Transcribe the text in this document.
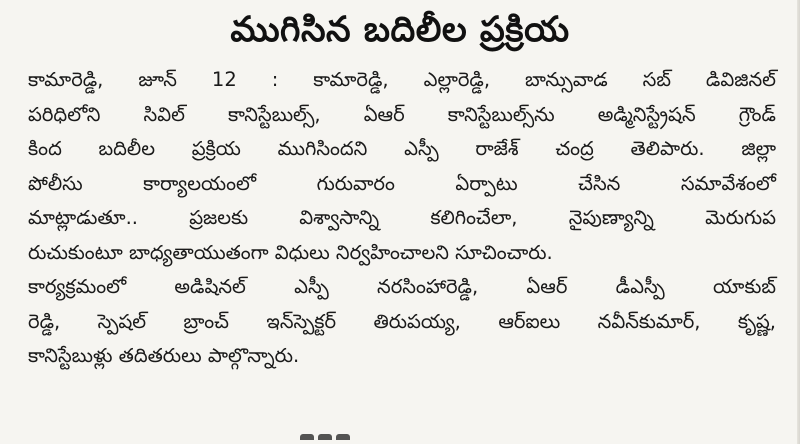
ముగిసిన బదిలీల ప్రక్రియ
కామారెడ్డి, జూన్ 12 : కామారెడ్డి, ఎల్లారెడ్డి, బాన్సువాడ సబ్ డివిజినల్
పరిధిలోని సివిల్ కానిస్టేబుల్స్, ఏఆర్ కానిస్టేబుల్స్‌ను అడ్మినిస్ట్రేషన్ గ్రౌండ్
కింద బదిలీల ప్రక్రియ ముగిసిందని ఎస్పీ రాజేశ్ చంద్ర తెలిపారు. జిల్లా
పోలీసు కార్యాలయంలో గురువారం ఏర్పాటు చేసిన సమావేశంలో
మాట్లాడుతూ.. ప్రజలకు విశ్వాసాన్ని కలిగించేలా, నైపుణ్యాన్ని మెరుగుప
రుచుకుంటూ బాధ్యతాయుతంగా విధులు నిర్వహించాలని సూచించారు.
కార్యక్రమంలో అడిషినల్ ఎస్పీ నరసింహారెడ్డి, ఏఆర్ డీఎస్పీ యాకుబ్
రెడ్డి, స్పెషల్ బ్రాంచ్ ఇన్‌స్పెక్టర్ తిరుపయ్య, ఆర్ఐలు నవీన్‌కుమార్, కృష్ణ,
కానిస్టేబుళ్లు తదితరులు పాల్గొన్నారు.
